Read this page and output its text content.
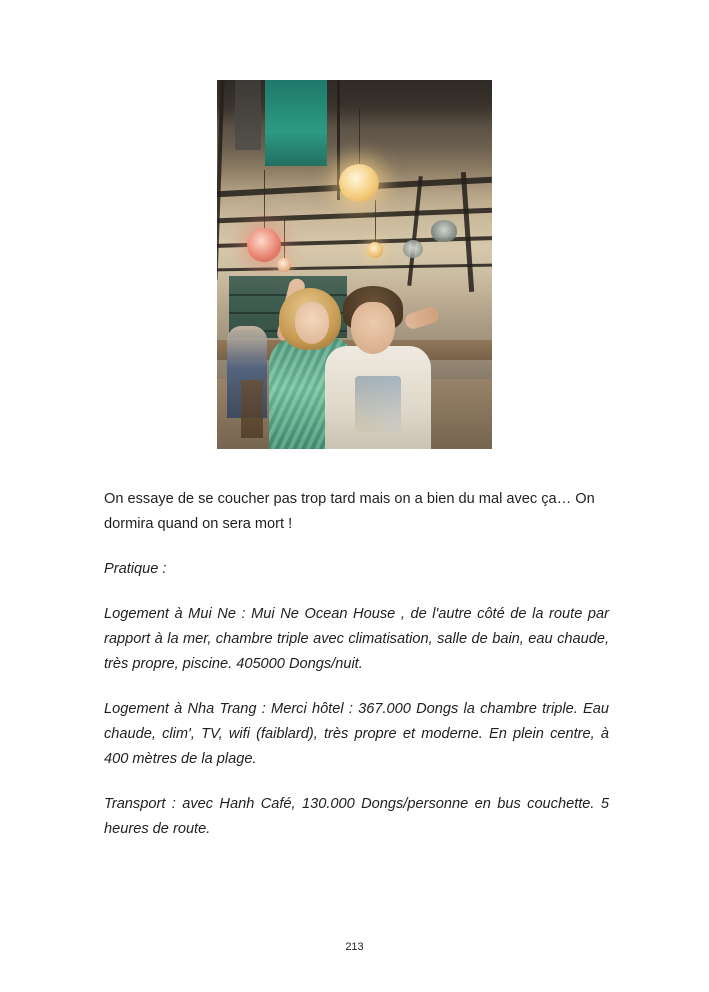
On essaye de se coucher pas trop tard mais on a bien du mal avec ça… On dormira quand on sera mort !

Pratique :

Logement à Mui Ne : Mui Ne Ocean House , de l'autre côté de la route par rapport à la mer, chambre triple avec climatisation, salle de bain, eau chaude, très propre, piscine. 405000 Dongs/nuit.

Logement à Nha Trang : Merci hôtel : 367.000 Dongs la chambre triple. Eau chaude, clim', TV, wifi (faiblard), très propre et moderne. En plein centre, à 400 mètres de la plage.

Transport : avec Hanh Café, 130.000 Dongs/personne en bus couchette. 5 heures de route.

213
